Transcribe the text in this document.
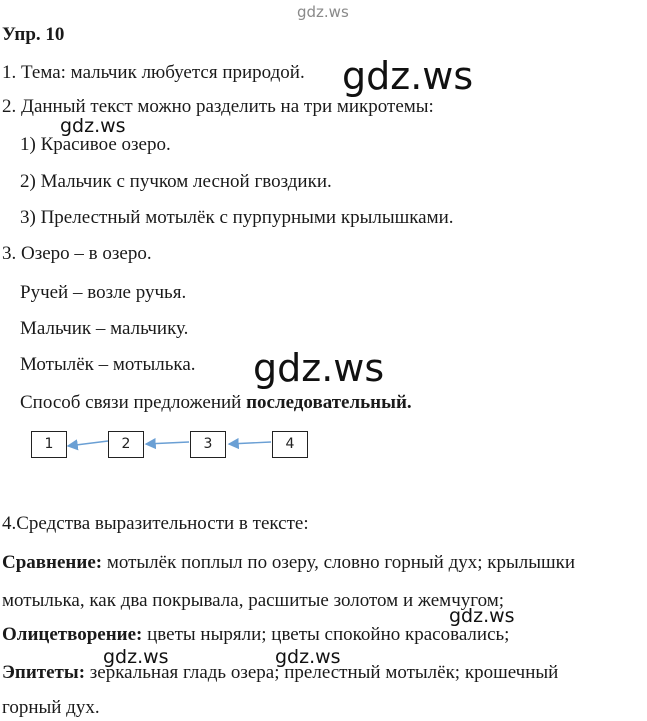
gdz.ws
Упр. 10
1. Тема: мальчик любуется природой.
2. Данный текст можно разделить на три микротемы:
1) Красивое озеро.
2) Мальчик с пучком лесной гвоздики.
3) Прелестный мотылёк с пурпурными крылышками.
3. Озеро – в озеро.
Ручей – возле ручья.
Мальчик – мальчику.
Мотылёк – мотылька.
Способ связи предложений последовательный.
1	2	3	4
4.Средства выразительности в тексте:
Сравнение: мотылёк поплыл по озеру, словно горный дух; крылышки
мотылька, как два покрывала, расшитые золотом и жемчугом;
Олицетворение: цветы ныряли; цветы спокойно красовались;
Эпитеты: зеркальная гладь озера; прелестный мотылёк; крошечный
горный дух.
gdz.ws
gdz.ws
gdz.ws
gdz.ws
gdz.ws	gdz.ws
